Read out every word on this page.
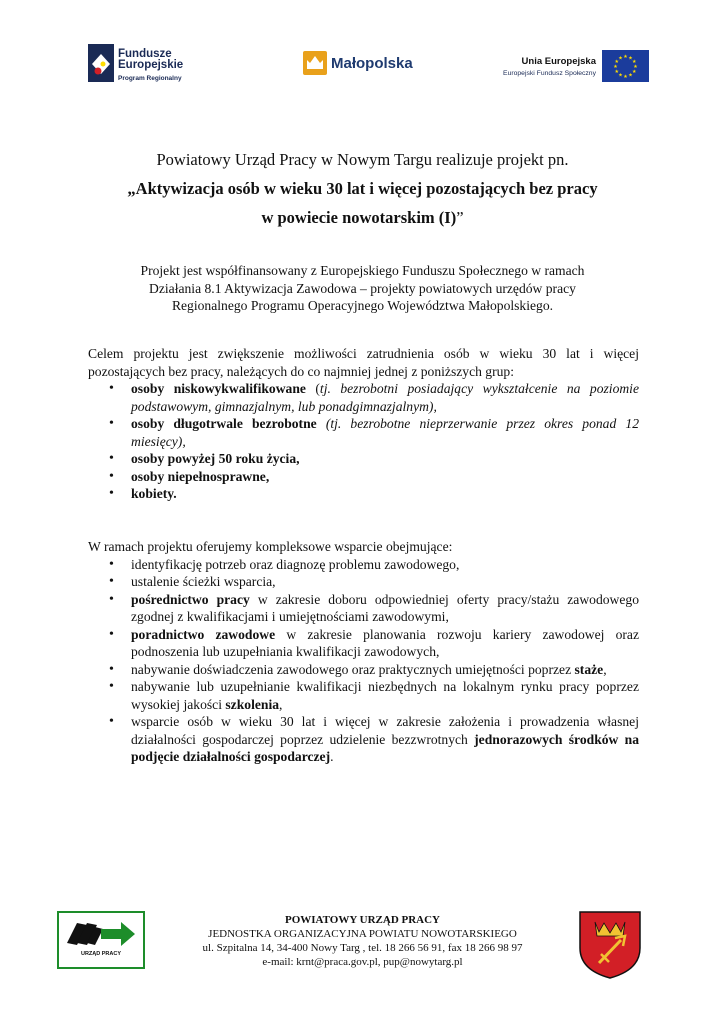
Fundusze
Europejskie
Program Regionalny
Małopolska	Unia Europejska
Europejski Fundusz Społeczny
★ ★
★
★
★
★
★
★
★
★
★
★
Powiatowy Urząd Pracy w Nowym Targu realizuje projekt pn.
„Aktywizacja osób w wieku 30 lat i więcej pozostających bez pracy
w powiecie nowotarskim (I)”
Projekt jest współfinansowany z Europejskiego Funduszu Społecznego w ramach
Działania 8.1 Aktywizacja Zawodowa – projekty powiatowych urzędów pracy
Regionalnego Programu Operacyjnego Województwa Małopolskiego.
Celem projektu jest zwiększenie możliwości zatrudnienia osób w wieku 30 lat i więcej pozostających bez pracy, należących do co najmniej jednej z poniższych grup:
• osoby niskowykwalifikowane (tj. bezrobotni posiadający wykształcenie na poziomie podstawowym, gimnazjalnym, lub ponadgimnazjalnym),
• osoby długotrwale bezrobotne (tj. bezrobotne nieprzerwanie przez okres ponad 12 miesięcy),
• osoby powyżej 50 roku życia,
• osoby niepełnosprawne,
• kobiety.
W ramach projektu oferujemy kompleksowe wsparcie obejmujące:
• identyfikację potrzeb oraz diagnozę problemu zawodowego,
• ustalenie ścieżki wsparcia,
• pośrednictwo pracy w zakresie doboru odpowiedniej oferty pracy/stażu zawodowego zgodnej z kwalifikacjami i umiejętnościami zawodowymi,
• poradnictwo zawodowe w zakresie planowania rozwoju kariery zawodowej oraz podnoszenia lub uzupełniania kwalifikacji zawodowych,
• nabywanie doświadczenia zawodowego oraz praktycznych umiejętności poprzez staże,
• nabywanie lub uzupełnianie kwalifikacji niezbędnych na lokalnym rynku pracy poprzez wysokiej jakości szkolenia,
• wsparcie osób w wieku 30 lat i więcej w zakresie założenia i prowadzenia własnej działalności gospodarczej poprzez udzielenie bezzwrotnych jednorazowych środków na podjęcie działalności gospodarczej.
URZĄD PRACY
POWIATOWY URZĄD PRACY
JEDNOSTKA ORGANIZACYJNA POWIATU NOWOTARSKIEGO
ul. Szpitalna 14, 34-400 Nowy Targ , tel. 18 266 56 91, fax 18 266 98 97
e-mail: krnt@praca.gov.pl, pup@nowytarg.pl
